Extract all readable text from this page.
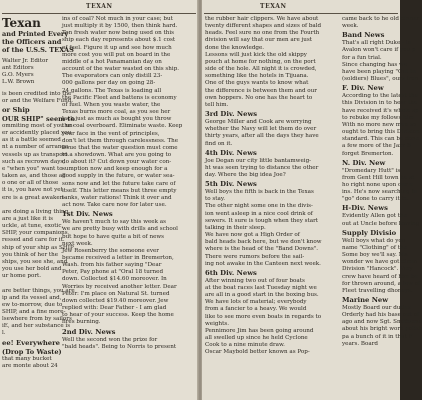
TEXAN

Texan

and Printed Every

the Officers and

of the U.S.S. TEXAS

Walter Jr. Editor

ant Editors

G.O. Myers

L.W. Brown

is been credited into the

or and the Welfare Fund.

or Ship

OUR SHIP" seem to

ommiting most of you un-

er accidently placed you

as it a battle seemed

nt a number of arrange-

vessels up as transport.

such as recrown days,

e "when you" want to

taken as, and those all

o one or all of those

it is, you have not yet

ere is a great awaken-

are doing a living thing,

are a just like it is

uckle, at tune, exotic,

SHIP, your companions,

ressed and care for it.

ship of your ship as SHIP

you think of her the

ships, you see she, and

you use her bold and

ur home port.

are better things, you are

ip and its vessel and,

ew to-morrow, due to

SHIP, and a fine more-

lsewhere from by sailors

iE, and her substance is

l.

ee! Everywhere

(Drop To Waste)

that many bucket

are monte about 24

ins of coal? Not much in your case; but

just multiply it by 1500, then think hard.

Ten fresh water now being used on this

ship each day represents about $.1 cost

of fuel. Figure it up and see how much

more cost you will put on board in the

middle of a hot Panamanian day on

account of the water wasted on this ship.

The evaporators can only distill 23-

000 gallons per day on going 28-

24 gallons. The Texas is loading all

the Pacific Fleet and battens is economy

of fuel. When you waste water, the

Texas burns more coal, as you see her

lack just as much as bought you throw

the coal overboard. Eliminate waste. Keep

your face in the vent of principles,

don't let them through carelessness. The

issue that the water question must come

to a showdown. What are you going to

do about it? Cut down your water con-

sumption now and keep enough for a

good supply in the future, or water sea-

sons now and let the future take care of

itself. This letter means but three empty

tanks, water rations! Think it over and

act now. Take care now for later use.

1st Div. News

We haven't much to say this week as

we are pretty busy with drills and school

but hope to have quite a bit of news

next week.

Jew Rosenberry the someone ever

became received a letter in Bremerton,

Wash. from his father saying "Dear

Peter, Pay phone at "Oral 18 turned

down. Collected $14.60 moreover. In

Worries by received another letter. Dear

Peter: I'm place on Natural St. turned

down collected $19.40 moreover. Jew

replied with: Dear Father - I am glad

to hear of your success. Keep the home

fires burning.

2nd Div. News

Well the second won the prize for

"bald heads". Being to Norris to present

TEXAN

the rubber hair clippers. We have about

twenty different shapes and sizes of bald

heads. Feel sure no one from the Fourth

division will say that our men are just

done the knowledge.

Lessons will just kick the old skippy

pouch at home for nothing, on the port

side of the hole. All night it is crowded,

something like the hotels in Tijuana.

One of the guys wants to know what

the difference is between them and our

own hoppers. No one has the heart to

tell him.

3rd Div. News

George Miller and Cook are worrying

whether the Navy will let them do over

thirty years, after all the days they have

find on it.

4th Div. News

Joe Degan our city little bantamweig-

ht was seen trying to distance the other

day. Where the big idea Joe?

5th Div. News

Well boys the fifth is back in the Texas

to stay.

The other night some one in the divis-

ion went asleep in a nice cool drink of

sewers. It sure is tough when they start

talking in their sleep.

We have now got a High Order of

bald heads back here, but we don't know

where is the head of the "Band Downs".

There were rumors before the sail-

ing not awake in the Canteen next week.

6th Div. News

After winning two out of four boats

at the boat races last Tuesday night we

are all in a good start in the boxing bus.

We have lots of material; everybody

from a fancier to a heavy. We would

like to see more even boats in regards to

weights.

Pennimore Jim has been going around

all swelled up since he held Cyclone

Cook to a nine minute draw.

Oscar Maybold better known as Pop-

came back to he old dinner

week.

Band News

That's all right Duke - in

Avalon won't care if you p

for a fun trial.

Since changing has we

have been playing "Out tu

(soldiers) Blues", ours fron

F. Div. New

According to the latest the

this Division in to hear the

have received it's whole sp

to rebuke my follows him

With no more new men so

ought to bring this Division

standard. This can be done

a few more of the Jazz B

forget Bremerton.

N. Div. New

"Dromedary Hutt" is

from Gent Hill town he st

ho right none upon our e

ins. He's now searching fo

"go" done to carry it in.

H-Div. News

Evidently Allen got the

out at Uncle before leaving

Supply Divisio

Well boys what do you

name "Clothing" of the

Some boy we'll say. Ma

wonder we have got dimm

Division "Hancock". Very

crew have heard of him be

for thrown around, a few of

Fleet travelling dhoneys.

Marine New

Mostly Board our duties

Orderly had his base out of

ago and now Sgt. Smitheme

about his bright work polish

pa a bunch of it in that F

years. Board
